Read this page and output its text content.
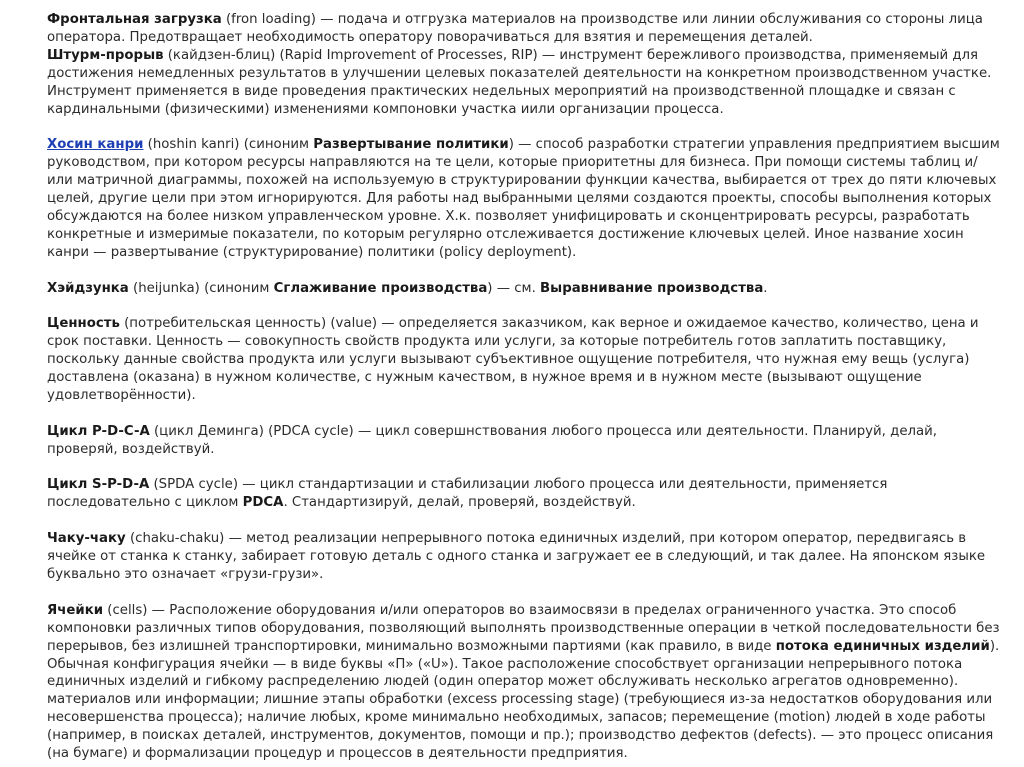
Фронтальная загрузка (fron loading) — подача и отгрузка материалов на производстве или линии обслуживания со стороны лица оператора. Предотвращает необходимость оператору поворачиваться для взятия и перемещения деталей.

Штурм-прорыв (кайдзен-блиц) (Rapid Improvement of Processes, RIP) — инструмент бережливого производства, применяемый для достижения немедленных результатов в улучшении целевых показателей деятельности на конкретном производственном участке. Инструмент применяется в виде проведения практических недельных мероприятий на производственной площадке и связан с кардинальными (физическими) изменениями компоновки участка иили организации процесса.

Хосин канри (hoshin kanri) (синоним Развертывание политики) — способ разработки стратегии управления предприятием высшим руководством, при котором ресурсы направляются на те цели, которые приоритетны для бизнеса. При помощи системы таблиц и/или матричной диаграммы, похожей на используемую в структурировании функции качества, выбирается от трех до пяти ключевых целей, другие цели при этом игнорируются. Для работы над выбранными целями создаются проекты, способы выполнения которых обсуждаются на более низком управленческом уровне. Х.к. позволяет унифицировать и сконцентрировать ресурсы, разработать конкретные и измеримые показатели, по которым регулярно отслеживается достижение ключевых целей. Иное название хосин канри — развертывание (структурирование) политики (policy deployment).

Хэйдзунка (heijunka) (синоним Сглаживание производства) — см. Выравнивание производства.

Ценность (потребительская ценность) (value) — определяется заказчиком, как верное и ожидаемое качество, количество, цена и срок поставки. Ценность — совокупность свойств продукта или услуги, за которые потребитель готов заплатить поставщику, поскольку данные свойства продукта или услуги вызывают субъективное ощущение потребителя, что нужная ему вещь (услуга) доставлена (оказана) в нужном количестве, с нужным качеством, в нужное время и в нужном месте (вызывают ощущение удовлетворённости).

Цикл P-D-C-A (цикл Деминга) (PDCA cycle) — цикл совершнствования любого процесса или деятельности. Планируй, делай, проверяй, воздействуй.

Цикл S-P-D-A (SPDA cycle) — цикл стандартизации и стабилизации любого процесса или деятельности, применяется последовательно с циклом PDCA. Стандартизируй, делай, проверяй, воздействуй.

Чаку-чаку (chaku-chaku) — метод реализации непрерывного потока единичных изделий, при котором оператор, передвигаясь в ячейке от станка к станку, забирает готовую деталь с одного станка и загружает ее в следующий, и так далее. На японском языке буквально это означает «грузи-грузи».

Ячейки (cells) — Расположение оборудования и/или операторов во взаимосвязи в пределах ограниченного участка. Это способ компоновки различных типов оборудования, позволяющий выполнять производственные операции в четкой последовательности без перерывов, без излишней транспортировки, минимально возможными партиями (как правило, в виде потока единичных изделий). Обычная конфигурация ячейки — в виде буквы «П» («U»). Такое расположение способствует организации непрерывного потока единичных изделий и гибкому распределению людей (один оператор может обслуживать несколько агрегатов одновременно). материалов или информации; лишние этапы обработки (excess processing stage) (требующиеся из-за недостатков оборудования или несовершенства процесса); наличие любых, кроме минимально необходимых, запасов; перемещение (motion) людей в ходе работы (например, в поисках деталей, инструментов, документов, помощи и пр.); производство дефектов (defects). — это процесс описания (на бумаге) и формализации процедур и процессов в деятельности предприятия.
